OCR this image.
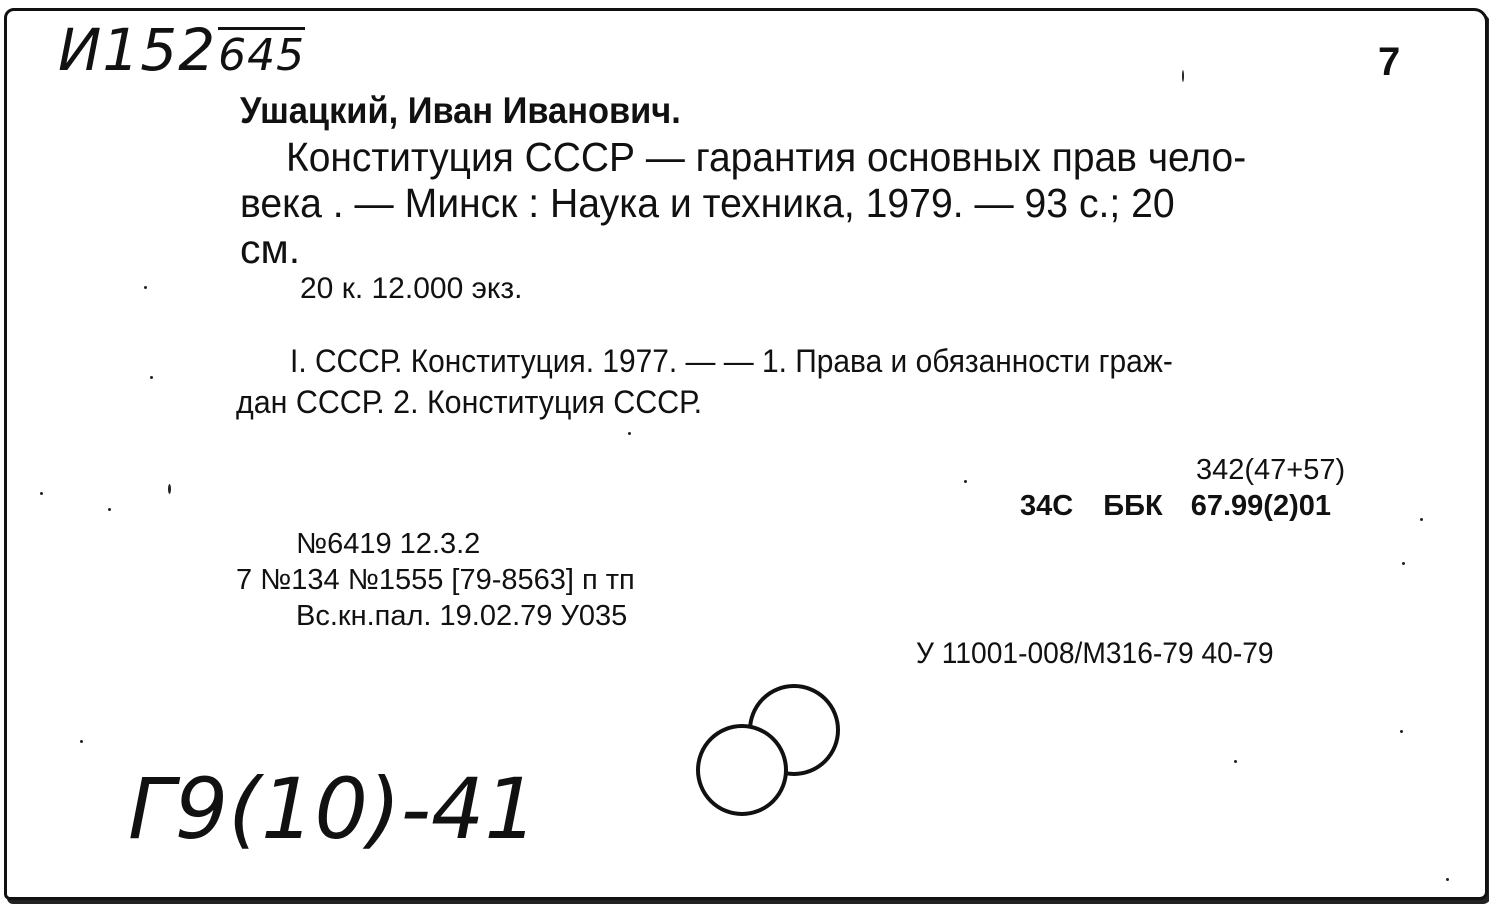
И152645	7
Ушацкий, Иван Иванович.
Конституция СССР — гарантия основных прав чело-
века . — Минск : Наука и техника, 1979. — 93 с.; 20
см.
20 к. 12.000 экз.
I. СССР. Конституция. 1977. — — 1. Права и обязанности граж-
дан СССР. 2. Конституция СССР.
342(47+57)
34С ББК 67.99(2)01
№6419 12.3.2
7 №134 №1555 [79-8563] п тп
Вс.кн.пал. 19.02.79 У035
У 11001-008/М316-79 40-79
Г9(10)-41
